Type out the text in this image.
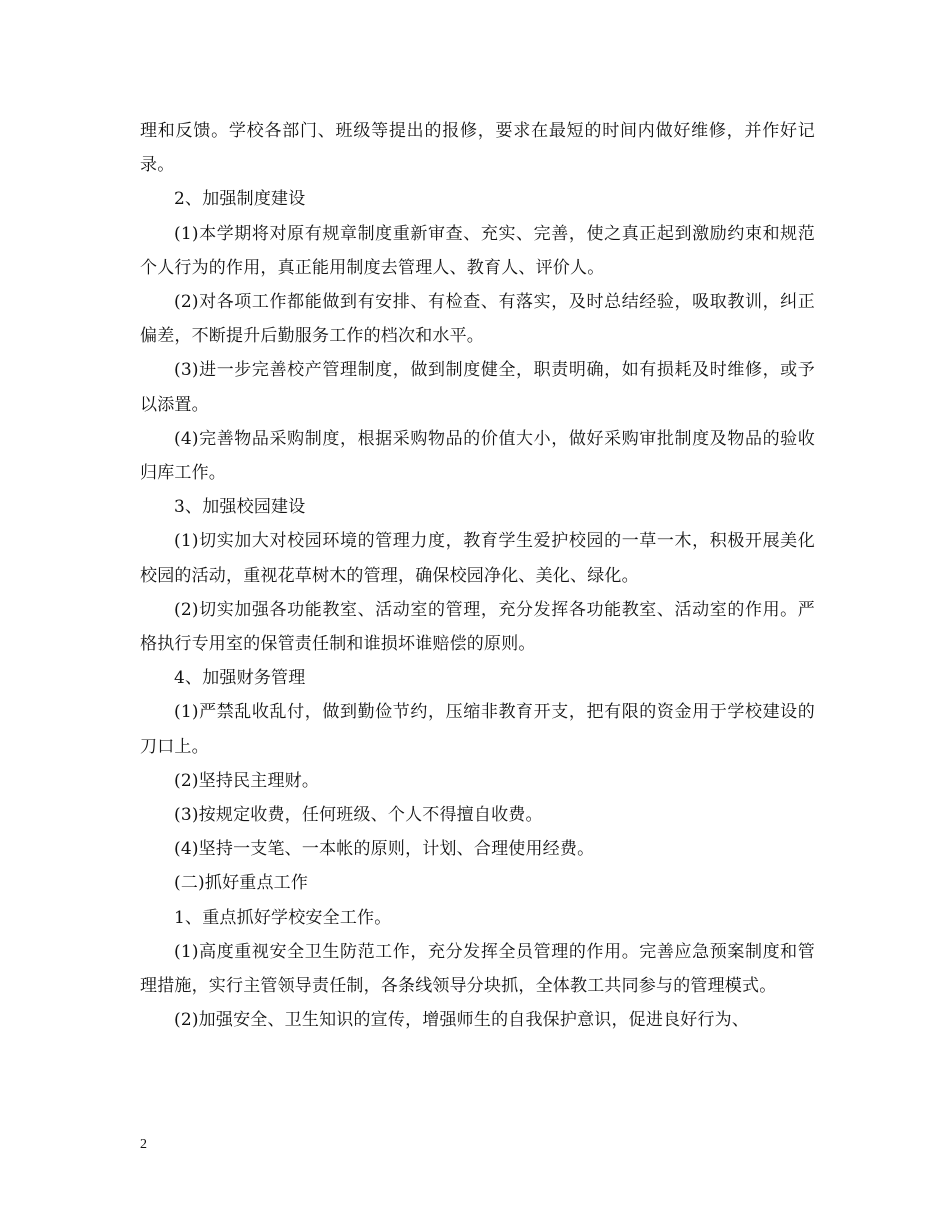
理和反馈。学校各部门、班级等提出的报修，要求在最短的时间内做好维修，并作好记录。

2、加强制度建设

(1)本学期将对原有规章制度重新审查、充实、完善，使之真正起到激励约束和规范个人行为的作用，真正能用制度去管理人、教育人、评价人。

(2)对各项工作都能做到有安排、有检查、有落实，及时总结经验，吸取教训，纠正偏差，不断提升后勤服务工作的档次和水平。

(3)进一步完善校产管理制度，做到制度健全，职责明确，如有损耗及时维修，或予以添置。

(4)完善物品采购制度，根据采购物品的价值大小，做好采购审批制度及物品的验收归库工作。

3、加强校园建设

(1)切实加大对校园环境的管理力度，教育学生爱护校园的一草一木，积极开展美化校园的活动，重视花草树木的管理，确保校园净化、美化、绿化。

(2)切实加强各功能教室、活动室的管理，充分发挥各功能教室、活动室的作用。严格执行专用室的保管责任制和谁损坏谁赔偿的原则。

4、加强财务管理

(1)严禁乱收乱付，做到勤俭节约，压缩非教育开支，把有限的资金用于学校建设的刀口上。

(2)坚持民主理财。

(3)按规定收费，任何班级、个人不得擅自收费。

(4)坚持一支笔、一本帐的原则，计划、合理使用经费。

(二)抓好重点工作

1、重点抓好学校安全工作。

(1)高度重视安全卫生防范工作，充分发挥全员管理的作用。完善应急预案制度和管理措施，实行主管领导责任制，各条线领导分块抓，全体教工共同参与的管理模式。

(2)加强安全、卫生知识的宣传，增强师生的自我保护意识，促进良好行为、

2
